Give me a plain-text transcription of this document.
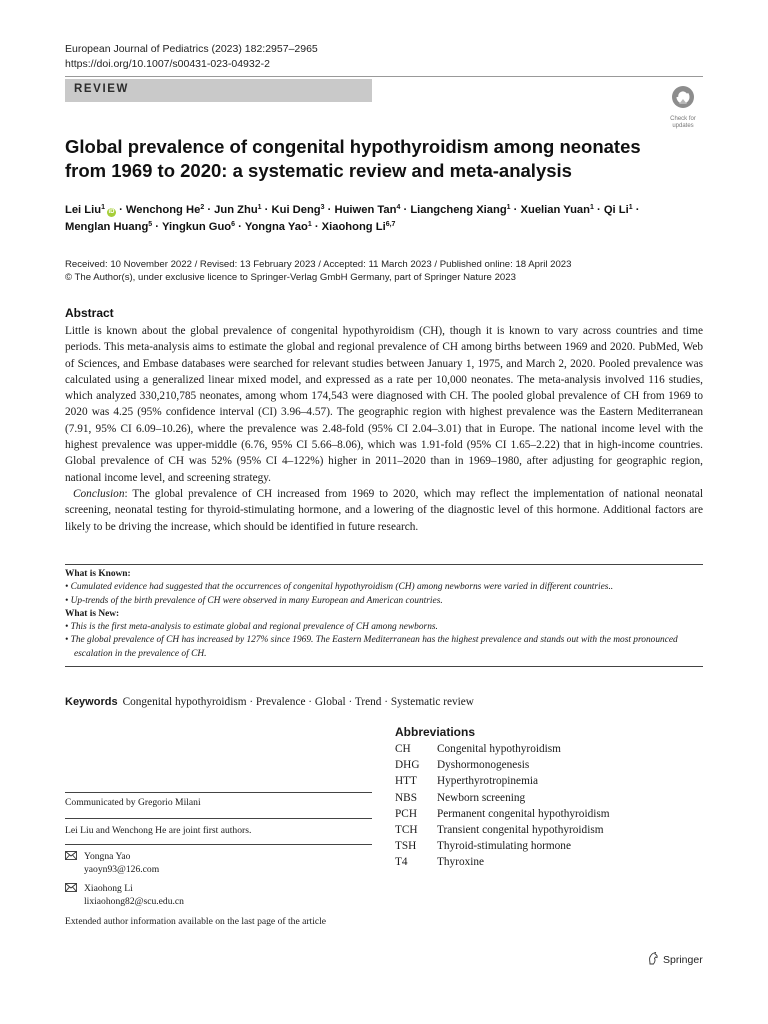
European Journal of Pediatrics (2023) 182:2957–2965
https://doi.org/10.1007/s00431-023-04932-2
REVIEW
Check for updates
Global prevalence of congenital hypothyroidism among neonates
from 1969 to 2020: a systematic review and meta-analysis
Lei Liu$^1$iD · Wenchong $He^2$ · Jun Zhu$^1$ · Kui Deng$^3$ · Huiwen Tan$^4$ · Liangcheng Xiang$^1$ · Xuelian Yuan$^1$ · Qi $Li^1$ ·
Menglan Huang$^5$ · Yingkun Guo$^6$ · Yongna Yao$^1$ · Xiaohong Li$^{6,7}$
Received: 10 November 2022 / Revised: 13 February 2023 / Accepted: 11 March 2023 / Published online: 18 April 2023
© The Author(s), under exclusive licence to Springer-Verlag GmbH Germany, part of Springer Nature 2023
Abstract

Little is known about the global prevalence of congenital hypothyroidism (CH), though it is known to vary across countries and time periods. This meta-analysis aims to estimate the global and regional prevalence of CH among births between 1969 and 2020. PubMed, Web of Sciences, and Embase databases were searched for relevant studies between January 1, 1975, and March 2, 2020. Pooled prevalence was calculated using a generalized linear mixed model, and expressed as a rate per 10,000 neonates. The meta-analysis involved 116 studies, which analyzed 330,210,785 neonates, among whom 174,543 were diagnosed with CH. The pooled global prevalence of CH from 1969 to 2020 was 4.25 (95% confidence interval (CI) 3.96–4.57). The geographic region with highest prevalence was the Eastern Mediterranean (7.91, 95% CI 6.09–10.26), where the prevalence was 2.48-fold (95% CI 2.04–3.01) that in Europe. The national income level with the highest prevalence was upper-middle (6.76, 95% CI 5.66–8.06), which was 1.91-fold (95% CI 1.65–2.22) that in high-income countries. Global prevalence of CH was 52% (95% CI 4–122%) higher in 2011–2020 than in 1969–1980, after adjusting for geographic region, national income level, and screening strategy.

Conclusion: The global prevalence of CH increased from 1969 to 2020, which may reflect the implementation of national neonatal screening, neonatal testing for thyroid-stimulating hormone, and a lowering of the diagnostic level of this hormone. Additional factors are likely to be driving the increase, which should be identified in future research.

What is Known:
• Cumulated evidence had suggested that the occurrences of congenital hypothyroidism (CH) among newborns were varied in different countries..
• Up-trends of the birth prevalence of CH were observed in many European and American countries.
What is New:
• This is the first meta-analysis to estimate global and regional prevalence of CH among newborns.
• The global prevalence of CH has increased by 127% since 1969. The Eastern Mediterranean has the highest prevalence and stands out with the most pronounced escalation in the prevalence of CH.
Keywords Congenital hypothyroidism · Prevalence · Global · Trend · Systematic review
Abbreviations
CH	Congenital hypothyroidism
DHG	Dyshormonogenesis
HTT	Hyperthyrotropinemia
NBS	Newborn screening
PCH	Permanent congenital hypothyroidism
TCH	Transient congenital hypothyroidism
TSH	Thyroid-stimulating hormone
T4	Thyroxine
Communicated by Gregorio Milani
Lei Liu and Wenchong He are joint first authors.
Yongna Yao
yaoyn93@126.com
Xiaohong Li
lixiaohong82@scu.edu.cn
Extended author information available on the last page of the article
Springer
